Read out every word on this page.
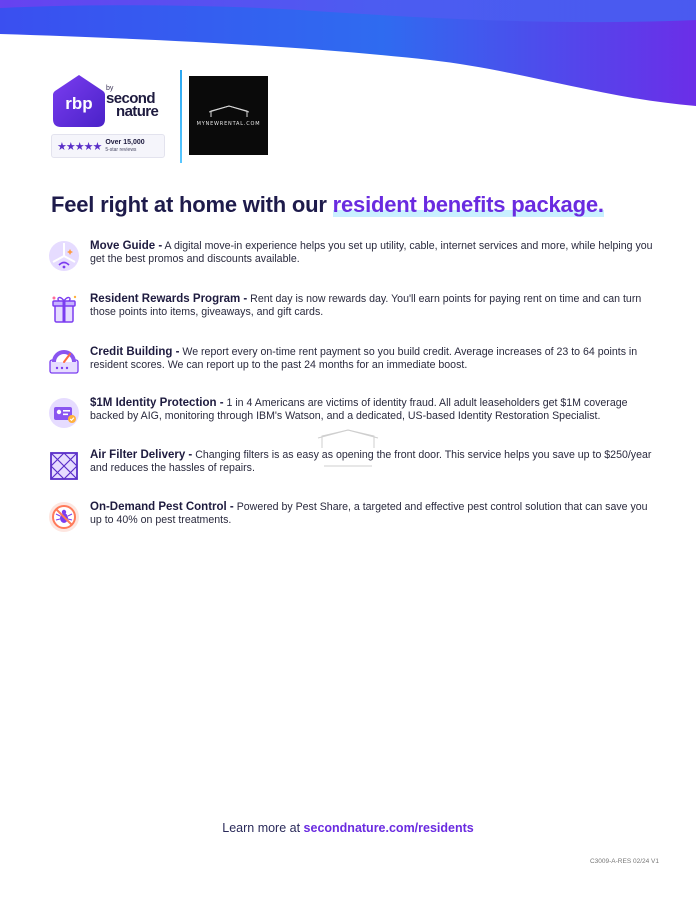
rbp
by
second
nature
★★★★★ Over 15,000
5-star reviews
MYNEWRENTAL.COM
Feel right at home with our resident benefits package.
Move Guide - A digital move-in experience helps you set up utility, cable, internet services and more, while helping you get the best promos and discounts available.
Resident Rewards Program - Rent day is now rewards day. You'll earn points for paying rent on time and can turn those points into items, giveaways, and gift cards.
Credit Building - We report every on-time rent payment so you build credit. Average increases of 23 to 64 points in resident scores. We can report up to the past 24 months for an immediate boost.
$1M Identity Protection - 1 in 4 Americans are victims of identity fraud. All adult leaseholders get $1M coverage backed by AIG, monitoring through IBM's Watson, and a dedicated, US-based Identity Restoration Specialist.
Air Filter Delivery - Changing filters is as easy as opening the front door. This service helps you save up to $250/year and reduces the hassles of repairs.
On-Demand Pest Control - Powered by Pest Share, a targeted and effective pest control solution that can save you up to 40% on pest treatments.
Learn more at secondnature.com/residents
C3009-A-RES 02/24 V1
